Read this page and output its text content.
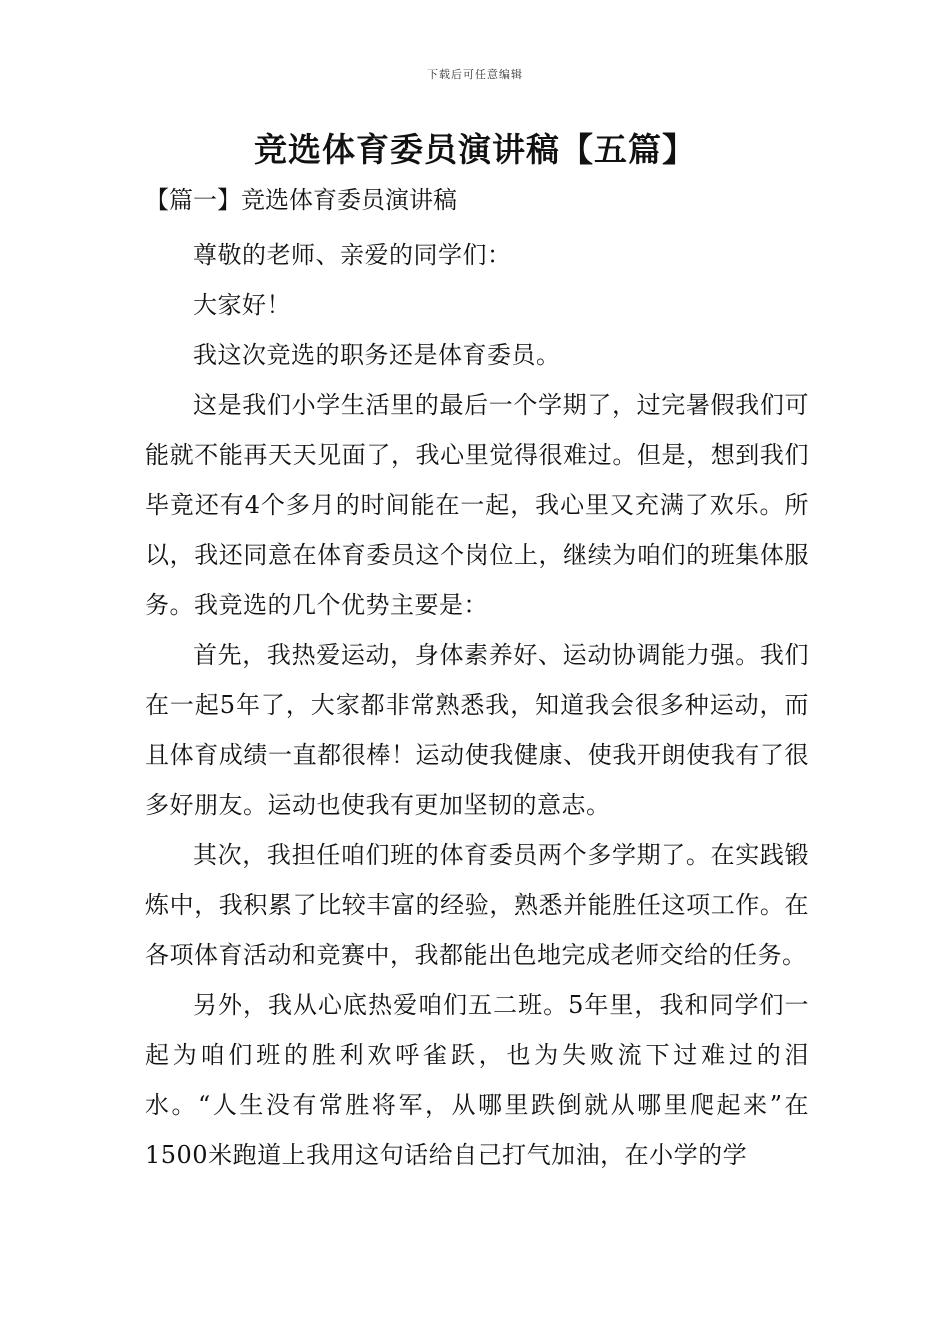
下载后可任意编辑
竞选体育委员演讲稿【五篇】
【篇一】竞选体育委员演讲稿

尊敬的老师、亲爱的同学们：

大家好！

我这次竞选的职务还是体育委员。

这是我们小学生活里的最后一个学期了，过完暑假我们可能就不能再天天见面了，我心里觉得很难过。但是，想到我们毕竟还有4个多月的时间能在一起，我心里又充满了欢乐。所以，我还同意在体育委员这个岗位上，继续为咱们的班集体服务。我竞选的几个优势主要是：

首先，我热爱运动，身体素养好、运动协调能力强。我们在一起5年了，大家都非常熟悉我，知道我会很多种运动，而且体育成绩一直都很棒！运动使我健康、使我开朗使我有了很多好朋友。运动也使我有更加坚韧的意志。

其次，我担任咱们班的体育委员两个多学期了。在实践锻炼中，我积累了比较丰富的经验，熟悉并能胜任这项工作。在各项体育活动和竞赛中，我都能出色地完成老师交给的任务。

另外，我从心底热爱咱们五二班。5年里，我和同学们一起为咱们班的胜利欢呼雀跃，也为失败流下过难过的泪水。“人生没有常胜将军，从哪里跌倒就从哪里爬起来”在1500米跑道上我用这句话给自己打气加油，在小学的学
